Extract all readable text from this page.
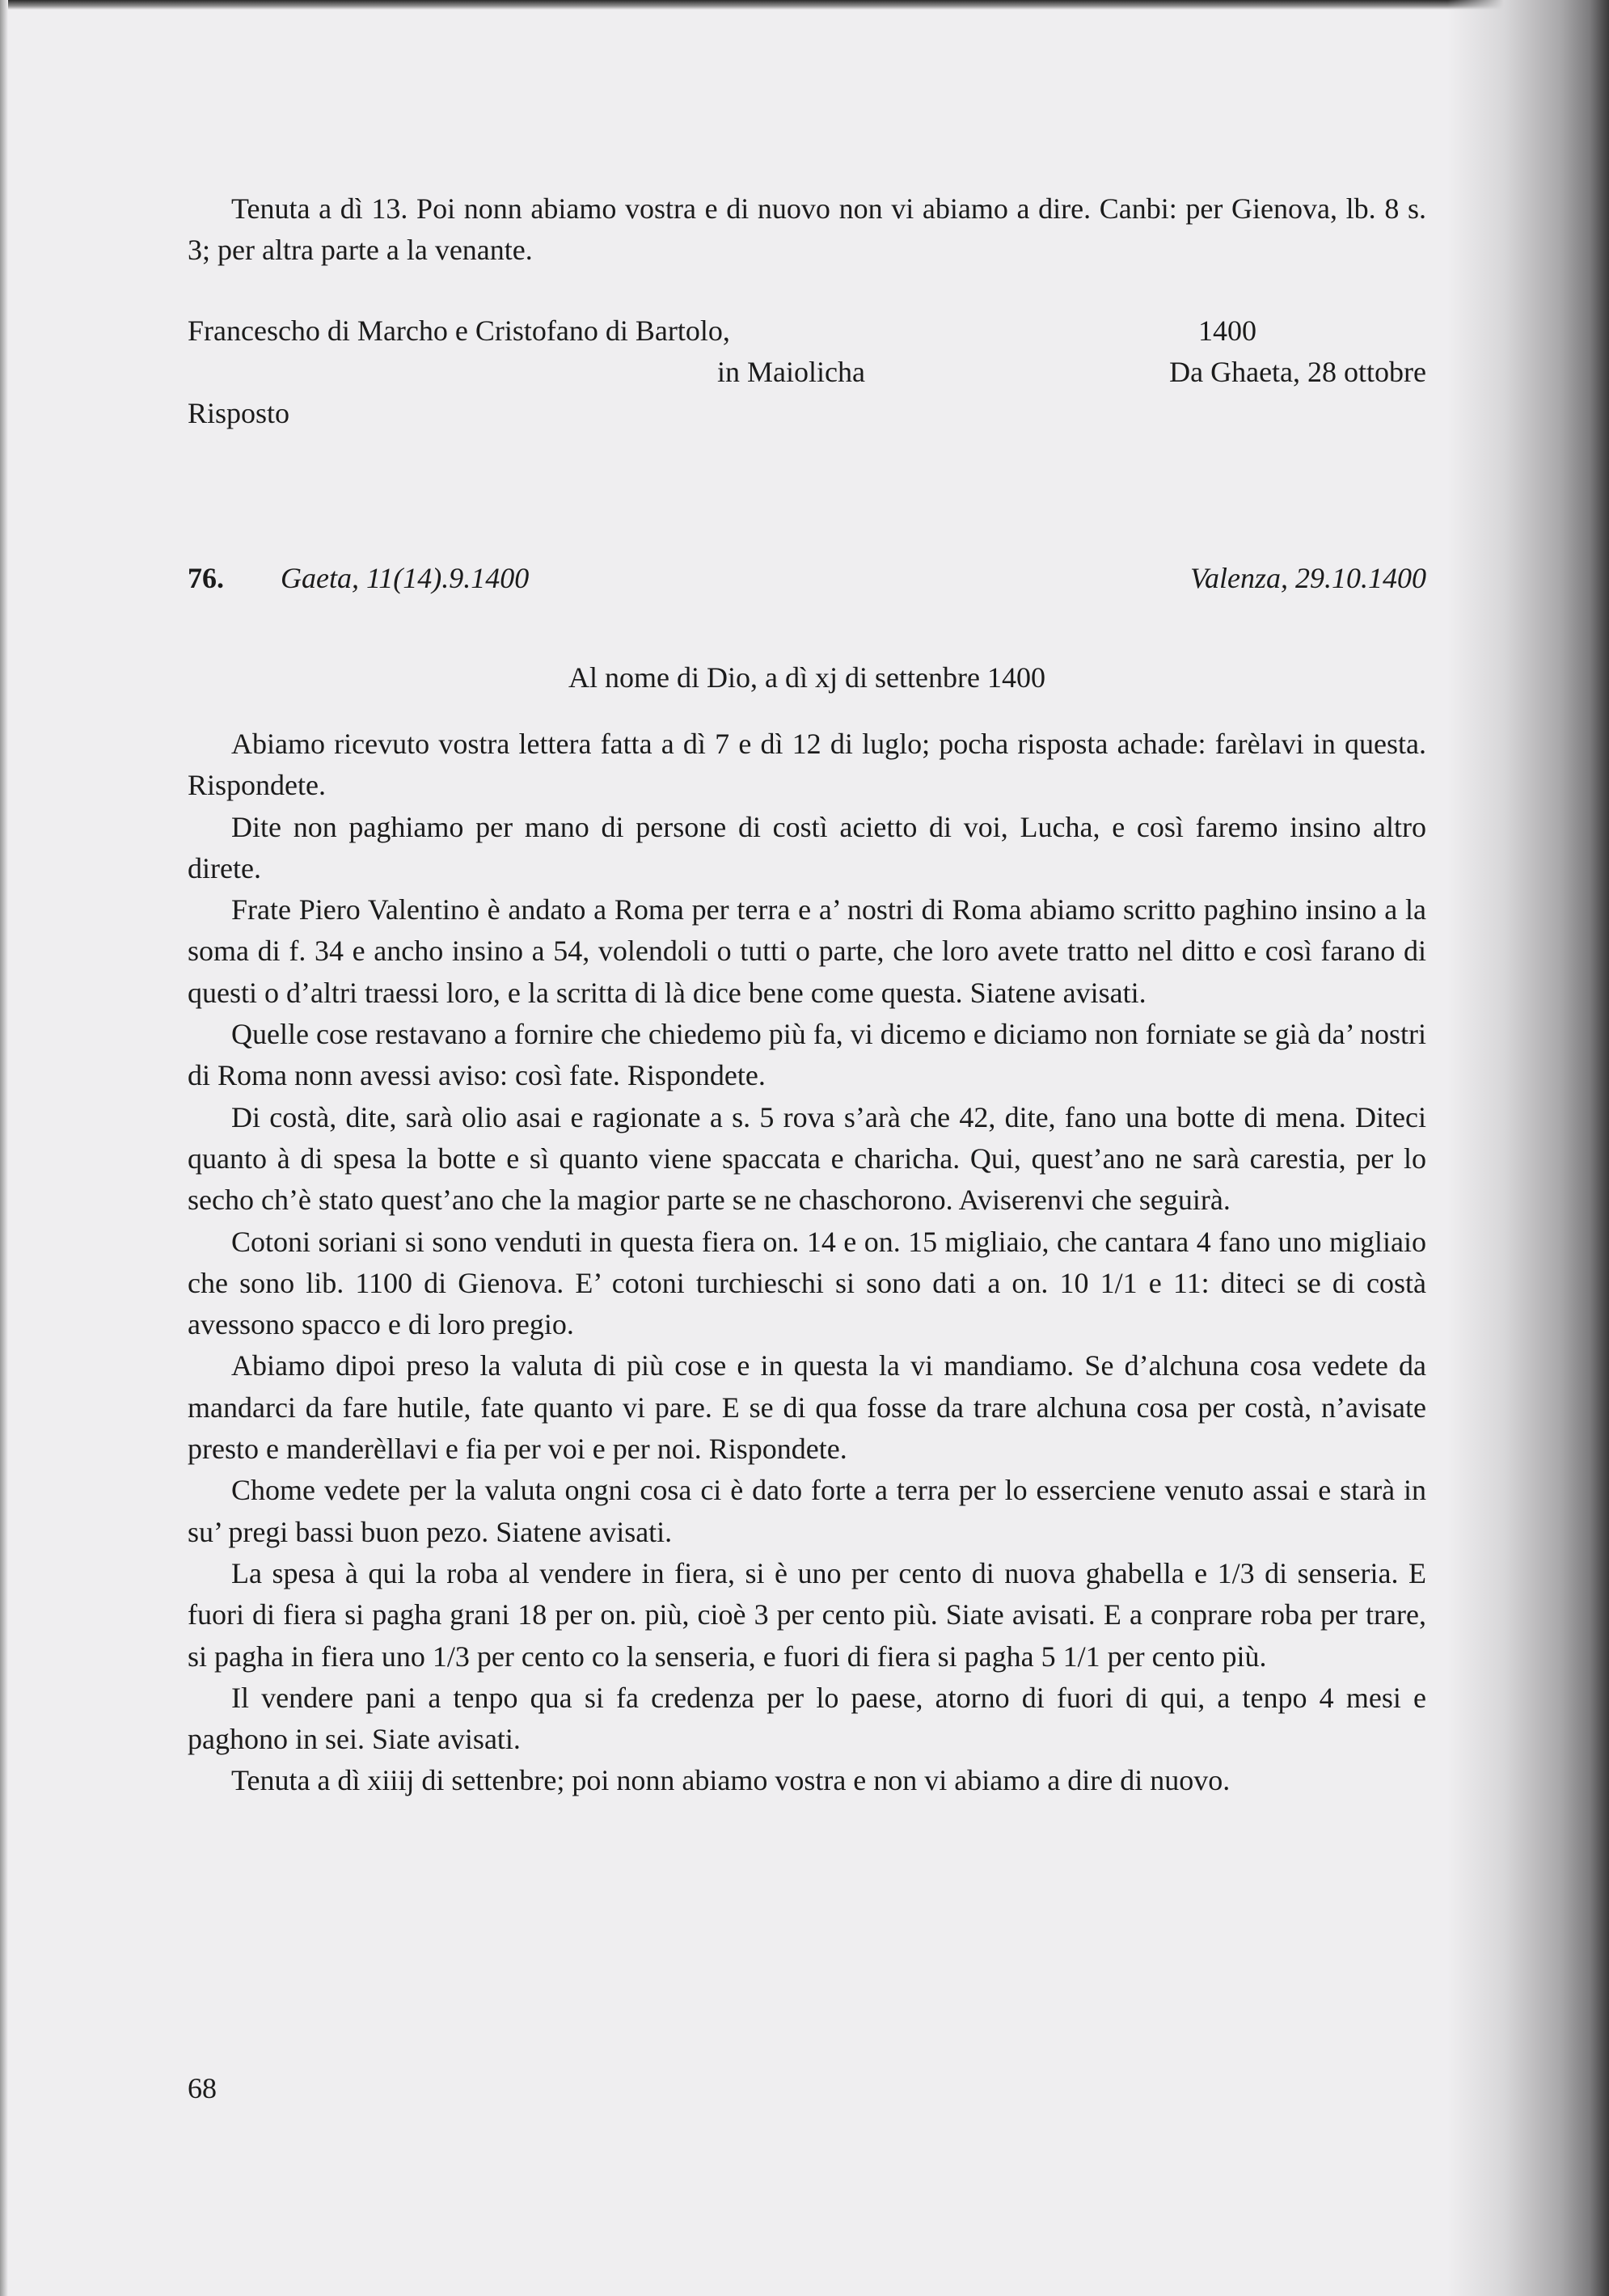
Tenuta a dì 13. Poi nonn abiamo vostra e di nuovo non vi abiamo a dire. Canbi: per Gienova, lb. 8 s. 3; per altra parte a la venante.

Francescho di Marcho e Cristofano di Bartolo,	1400
in Maiolicha	Da Ghaeta, 28 ottobre
Risposto
76. Gaeta, 11(14).9.1400	Valenza, 29.10.1400
Al nome di Dio, a dì xj di settenbre 1400

Abiamo ricevuto vostra lettera fatta a dì 7 e dì 12 di luglo; pocha risposta achade: farèlavi in questa. Rispondete.

Dite non paghiamo per mano di persone di costì acietto di voi, Lucha, e così faremo insino altro direte.

Frate Piero Valentino è andato a Roma per terra e a’ nostri di Roma abiamo scritto paghino insino a la soma di f. 34 e ancho insino a 54, volendoli o tutti o parte, che loro avete tratto nel ditto e così farano di questi o d’altri traessi loro, e la scritta di là dice bene come questa. Siatene avisati.

Quelle cose restavano a fornire che chiedemo più fa, vi dicemo e diciamo non forniate se già da’ nostri di Roma nonn avessi aviso: così fate. Rispondete.

Di costà, dite, sarà olio asai e ragionate a s. 5 rova s’arà che 42, dite, fano una botte di mena. Diteci quanto à di spesa la botte e sì quanto viene spaccata e charicha. Qui, quest’ano ne sarà carestia, per lo secho ch’è stato quest’ano che la magior parte se ne chaschorono. Aviserenvi che seguirà.

Cotoni soriani si sono venduti in questa fiera on. 14 e on. 15 migliaio, che cantara 4 fano uno migliaio che sono lib. 1100 di Gienova. E’ cotoni turchieschi si sono dati a on. 10 1/1 e 11: diteci se di costà avessono spacco e di loro pregio.

Abiamo dipoi preso la valuta di più cose e in questa la vi mandiamo. Se d’alchuna cosa vedete da mandarci da fare hutile, fate quanto vi pare. E se di qua fosse da trare alchuna cosa per costà, n’avisate presto e manderèllavi e fia per voi e per noi. Rispondete.

Chome vedete per la valuta ongni cosa ci è dato forte a terra per lo esserciene venuto assai e starà in su’ pregi bassi buon pezo. Siatene avisati.

La spesa à qui la roba al vendere in fiera, si è uno per cento di nuova ghabella e 1/3 di senseria. E fuori di fiera si pagha grani 18 per on. più, cioè 3 per cento più. Siate avisati. E a conprare roba per trare, si pagha in fiera uno 1/3 per cento co la senseria, e fuori di fiera si pagha 5 1/1 per cento più.

Il vendere pani a tenpo qua si fa credenza per lo paese, atorno di fuori di qui, a tenpo 4 mesi e paghono in sei. Siate avisati.

Tenuta a dì xiiij di settenbre; poi nonn abiamo vostra e non vi abiamo a dire di nuovo.

68
